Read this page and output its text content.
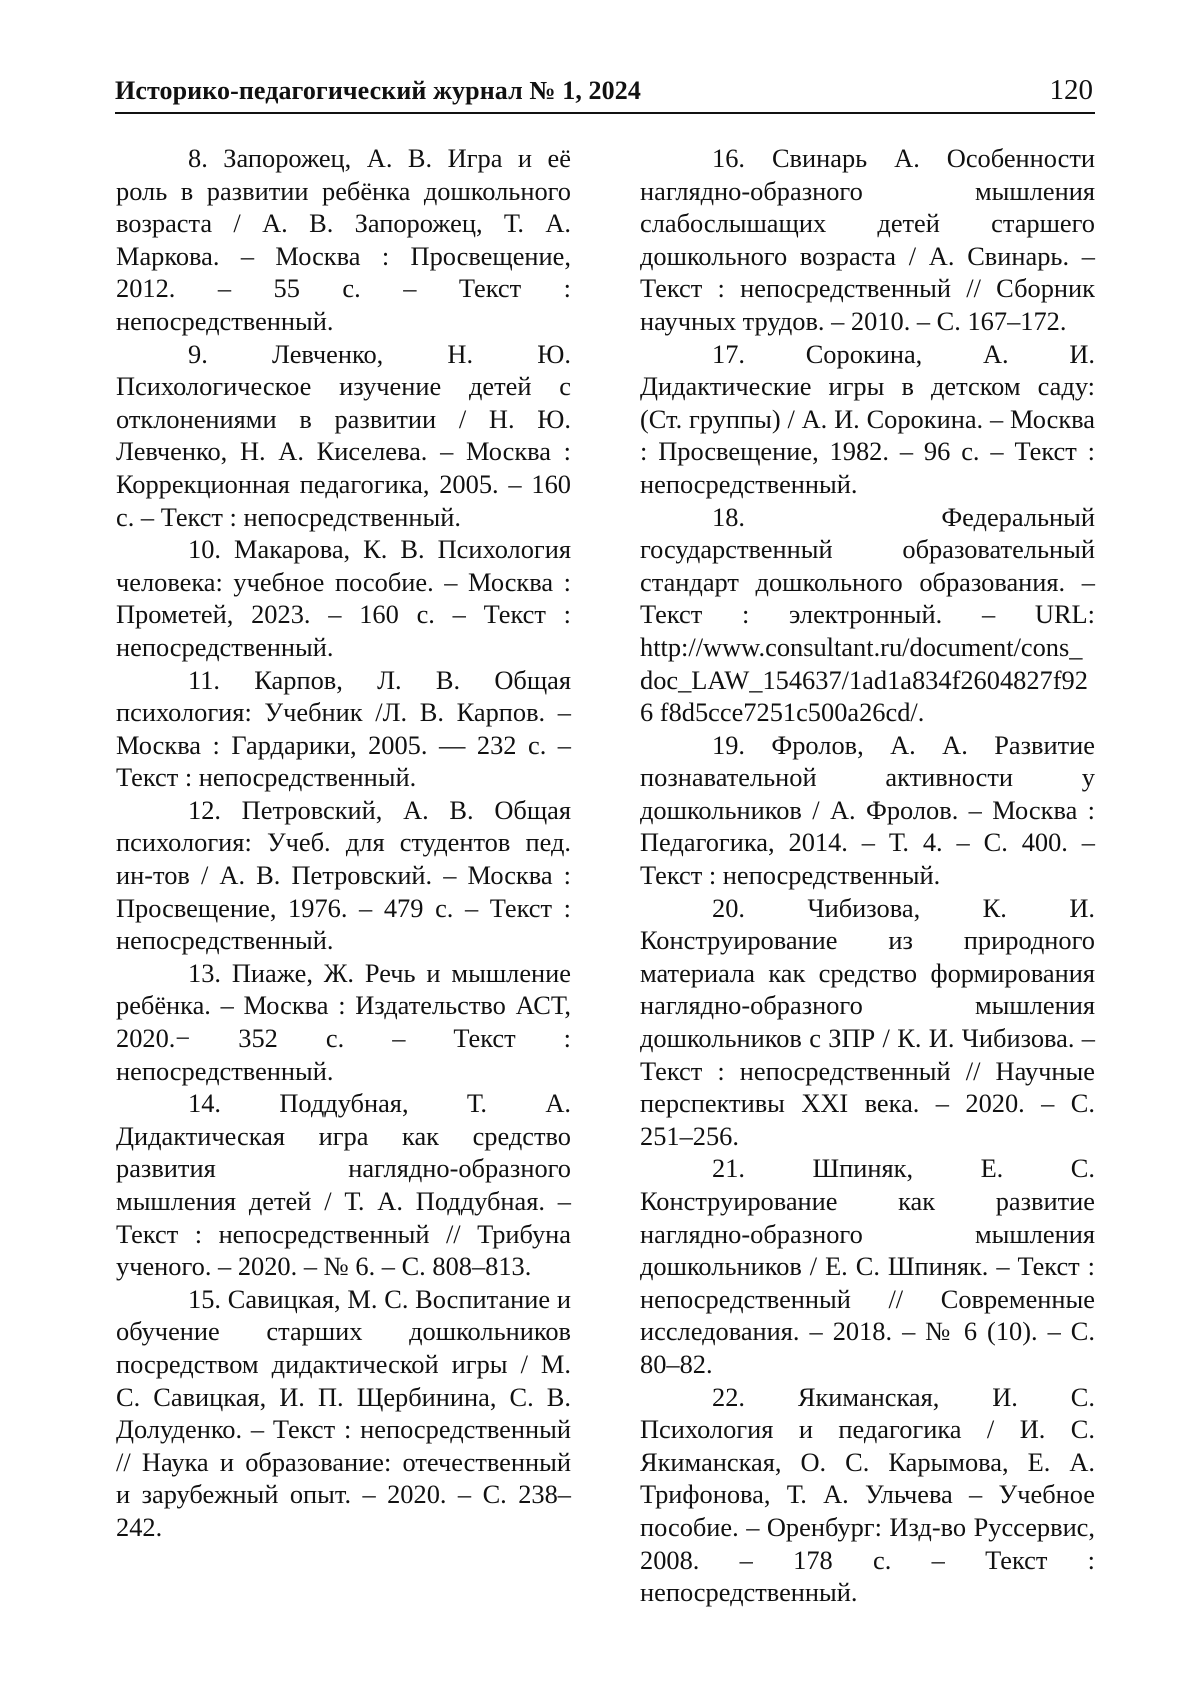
Историко-педагогический журнал № 1, 2024	120

8. Запорожец, А. В. Игра и её роль в развитии ребёнка дошкольного возраста / А. В. Запорожец, Т. А. Маркова. – Москва : Просвещение, 2012. – 55 с. – Текст : непосредственный.

9. Левченко, Н. Ю. Психологическое изучение детей с отклонениями в развитии / Н. Ю. Левченко, Н. А. Киселева. – Москва : Коррекционная педагогика, 2005. – 160 с. – Текст : непосредственный.

10. Макарова, К. В. Психология человека: учебное пособие. – Москва : Прометей, 2023. – 160 с. – Текст : непосредственный.

11. Карпов, Л. В. Общая психология: Учебник /Л. В. Карпов. – Москва : Гардарики, 2005. — 232 с. – Текст : непосредственный.

12. Петровский, А. В. Общая психология: Учеб. для студентов пед. ин-тов / А. В. Петровский. – Москва : Просвещение, 1976. – 479 с. – Текст : непосредственный.

13. Пиаже, Ж. Речь и мышление ребёнка. – Москва : Издательство АСТ, 2020.− 352 с. – Текст : непосредственный.

14. Поддубная, Т. А. Дидактическая игра как средство развития наглядно-образного мышления детей / Т. А. Поддубная. – Текст : непосредственный // Трибуна ученого. – 2020. – № 6. – С. 808–813.

15. Савицкая, М. С. Воспитание и обучение старших дошкольников посредством дидактической игры / М. С. Савицкая, И. П. Щербинина, С. В. Долуденко. – Текст : непосредственный // Наука и образование: отечественный и зарубежный опыт. – 2020. – С. 238–242.

16. Свинарь А. Особенности наглядно-образного мышления слабослышащих детей старшего дошкольного возраста / А. Свинарь. – Текст : непосредственный // Сборник научных трудов. – 2010. – С. 167–172.

17. Сорокина, А. И. Дидактические игры в детском саду: (Ст. группы) / А. И. Сорокина. – Москва : Просвещение, 1982. – 96 с. – Текст : непосредственный.

18. Федеральный государственный образовательный стандарт дошкольного образования. – Текст : электронный. – URL: http://www.consultant.ru/document/cons_doc_LAW_154637/1ad1a834f2604827f926 f8d5cce7251c500a26cd/.

19. Фролов, А. А. Развитие познавательной активности у дошкольников / А. Фролов. – Москва : Педагогика, 2014. – Т. 4. – С. 400. – Текст : непосредственный.

20. Чибизова, К. И. Конструирование из природного материала как средство формирования наглядно-образного мышления дошкольников с ЗПР / К. И. Чибизова. – Текст : непосредственный // Научные перспективы XXI века. – 2020. – С. 251–256.

21. Шпиняк, Е. С. Конструирование как развитие наглядно-образного мышления дошкольников / Е. С. Шпиняк. – Текст : непосредственный // Современные исследования. – 2018. – № 6 (10). – С. 80–82.

22. Якиманская, И. С. Психология и педагогика / И. С. Якиманская, О. С. Карымова, Е. А. Трифонова, Т. А. Ульчева – Учебное пособие. – Оренбург: Изд-во Руссервис, 2008. – 178 с. – Текст : непосредственный.
